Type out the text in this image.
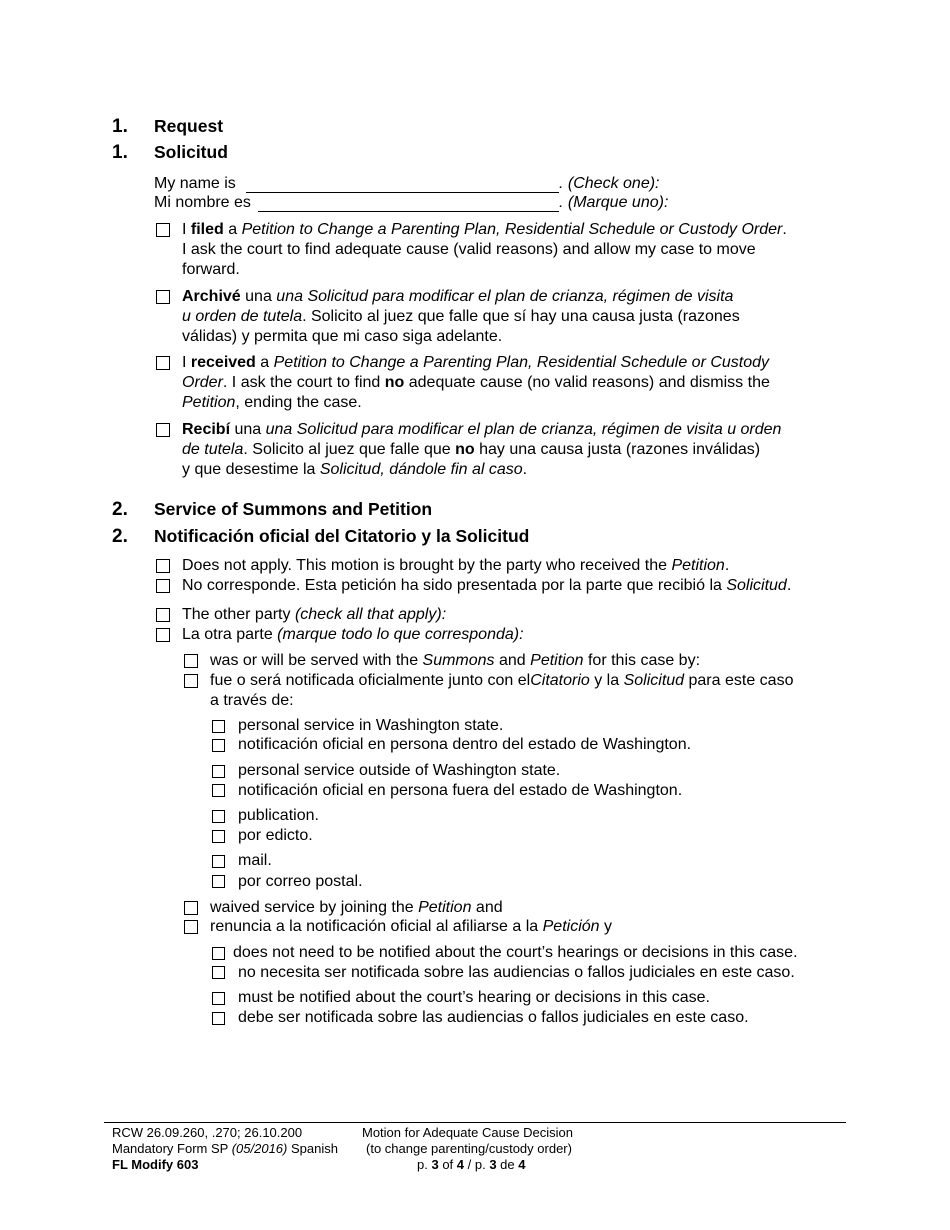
1. Request
1. Solicitud
My name is	. (Check one):
Mi nombre es	. (Marque uno):
I filed a Petition to Change a Parenting Plan, Residential Schedule or Custody Order.
I ask the court to find adequate cause (valid reasons) and allow my case to move
forward.
Archivé una una Solicitud para modificar el plan de crianza, régimen de visita
u orden de tutela. Solicito al juez que falle que sí hay una causa justa (razones
válidas) y permita que mi caso siga adelante.
I received a Petition to Change a Parenting Plan, Residential Schedule or Custody
Order. I ask the court to find no adequate cause (no valid reasons) and dismiss the
Petition, ending the case.
Recibí una una Solicitud para modificar el plan de crianza, régimen de visita u orden
de tutela. Solicito al juez que falle que no hay una causa justa (razones inválidas)
y que desestime la Solicitud, dándole fin al caso.
2. Service of Summons and Petition
2. Notificación oficial del Citatorio y la Solicitud
Does not apply. This motion is brought by the party who received the Petition.
No corresponde. Esta petición ha sido presentada por la parte que recibió la Solicitud.
The other party (check all that apply):
La otra parte (marque todo lo que corresponda):
was or will be served with the Summons and Petition for this case by:
fue o será notificada oficialmente junto con elCitatorio y la Solicitud para este caso
a través de:
personal service in Washington state.
notificación oficial en persona dentro del estado de Washington.
personal service outside of Washington state.
notificación oficial en persona fuera del estado de Washington.
publication.
por edicto.
mail.
por correo postal.
waived service by joining the Petition and
renuncia a la notificación oficial al afiliarse a la Petición y
does not need to be notified about the court’s hearings or decisions in this case.
no necesita ser notificada sobre las audiencias o fallos judiciales en este caso.
must be notified about the court’s hearing or decisions in this case.
debe ser notificada sobre las audiencias o fallos judiciales en este caso.
RCW 26.09.260, .270; 26.10.200
Mandatory Form SP (05/2016) Spanish
FL Modify 603
Motion for Adequate Cause Decision
(to change parenting/custody order)
p. 3 of 4 / p. 3 de 4
